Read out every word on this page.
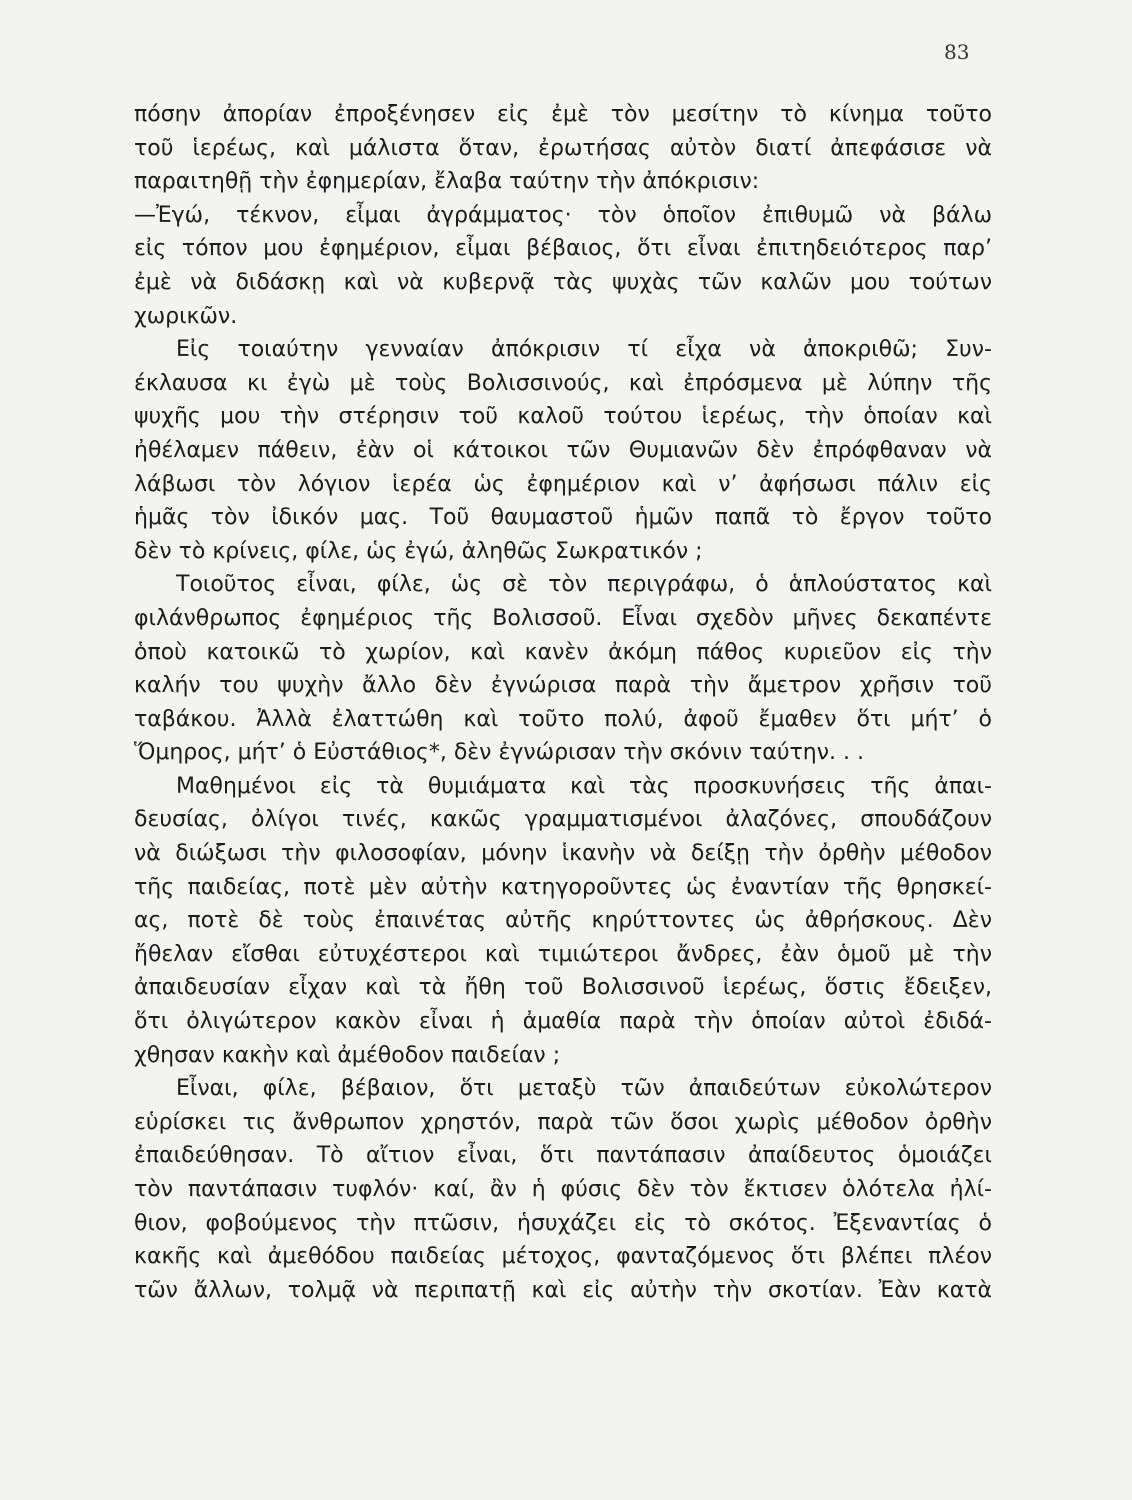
83
πόσην ἀπορίαν ἐπροξένησεν εἰς ἐμὲ τὸν μεσίτην τὸ κίνημα τοῦτο
τοῦ ἱερέως, καὶ μάλιστα ὅταν, ἐρωτήσας αὐτὸν διατί ἀπεφάσισε νὰ
παραιτηθῇ τὴν ἐφημερίαν, ἔλαβα ταύτην τὴν ἀπόκρισιν:
—Ἐγώ, τέκνον, εἶμαι ἀγράμματος· τὸν ὁποῖον ἐπιθυμῶ νὰ βάλω
εἰς τόπον μου ἐφημέριον, εἶμαι βέβαιος, ὅτι εἶναι ἐπιτηδειότερος παρ’
ἐμὲ νὰ διδάσκῃ καὶ νὰ κυβερνᾷ τὰς ψυχὰς τῶν καλῶν μου τούτων
χωρικῶν.
Εἰς τοιαύτην γενναίαν ἀπόκρισιν τί εἶχα νὰ ἀποκριθῶ; Συν-
έκλαυσα κι ἐγὼ μὲ τοὺς Βολισσινούς, καὶ ἐπρόσμενα μὲ λύπην τῆς
ψυχῆς μου τὴν στέρησιν τοῦ καλοῦ τούτου ἱερέως, τὴν ὁποίαν καὶ
ἠθέλαμεν πάθειν, ἐὰν οἱ κάτοικοι τῶν Θυμιανῶν δὲν ἐπρόφθαναν νὰ
λάβωσι τὸν λόγιον ἱερέα ὡς ἐφημέριον καὶ ν’ ἀφήσωσι πάλιν εἰς
ἡμᾶς τὸν ἰδικόν μας. Τοῦ θαυμαστοῦ ἡμῶν παπᾶ τὸ ἔργον τοῦτο
δὲν τὸ κρίνεις, φίλε, ὡς ἐγώ, ἀληθῶς Σωκρατικόν ;
Τοιοῦτος εἶναι, φίλε, ὡς σὲ τὸν περιγράφω, ὁ ἁπλούστατος καὶ
φιλάνθρωπος ἐφημέριος τῆς Βολισσοῦ. Εἶναι σχεδὸν μῆνες δεκαπέντε
ὁποὺ κατοικῶ τὸ χωρίον, καὶ κανὲν ἀκόμη πάθος κυριεῦον εἰς τὴν
καλήν του ψυχὴν ἄλλο δὲν ἐγνώρισα παρὰ τὴν ἄμετρον χρῆσιν τοῦ
ταβάκου. Ἀλλὰ ἐλαττώθη καὶ τοῦτο πολύ, ἀφοῦ ἔμαθεν ὅτι μήτ’ ὁ
Ὅμηρος, μήτ’ ὁ Εὐστάθιος*, δὲν ἐγνώρισαν τὴν σκόνιν ταύτην. . .
Μαθημένοι εἰς τὰ θυμιάματα καὶ τὰς προσκυνήσεις τῆς ἀπαι-
δευσίας, ὀλίγοι τινές, κακῶς γραμματισμένοι ἀλαζόνες, σπουδάζουν
νὰ διώξωσι τὴν φιλοσοφίαν, μόνην ἱκανὴν νὰ δείξῃ τὴν ὀρθὴν μέθοδον
τῆς παιδείας, ποτὲ μὲν αὐτὴν κατηγοροῦντες ὡς ἐναντίαν τῆς θρησκεί-
ας, ποτὲ δὲ τοὺς ἐπαινέτας αὐτῆς κηρύττοντες ὡς ἀθρήσκους. Δὲν
ἤθελαν εἴσθαι εὐτυχέστεροι καὶ τιμιώτεροι ἄνδρες, ἐὰν ὁμοῦ μὲ τὴν
ἀπαιδευσίαν εἶχαν καὶ τὰ ἤθη τοῦ Βολισσινοῦ ἱερέως, ὅστις ἔδειξεν,
ὅτι ὀλιγώτερον κακὸν εἶναι ἡ ἀμαθία παρὰ τὴν ὁποίαν αὐτοὶ ἐδιδά-
χθησαν κακὴν καὶ ἀμέθοδον παιδείαν ;
Εἶναι, φίλε, βέβαιον, ὅτι μεταξὺ τῶν ἀπαιδεύτων εὐκολώτερον
εὑρίσκει τις ἄνθρωπον χρηστόν, παρὰ τῶν ὅσοι χωρὶς μέθοδον ὀρθὴν
ἐπαιδεύθησαν. Τὸ αἴτιον εἶναι, ὅτι παντάπασιν ἀπαίδευτος ὁμοιάζει
τὸν παντάπασιν τυφλόν· καί, ἂν ἡ φύσις δὲν τὸν ἔκτισεν ὁλότελα ἠλί-
θιον, φοβούμενος τὴν πτῶσιν, ἡσυχάζει εἰς τὸ σκότος. Ἐξεναντίας ὁ
κακῆς καὶ ἀμεθόδου παιδείας μέτοχος, φανταζόμενος ὅτι βλέπει πλέον
τῶν ἄλλων, τολμᾷ νὰ περιπατῇ καὶ εἰς αὐτὴν τὴν σκοτίαν. Ἐὰν κατὰ
